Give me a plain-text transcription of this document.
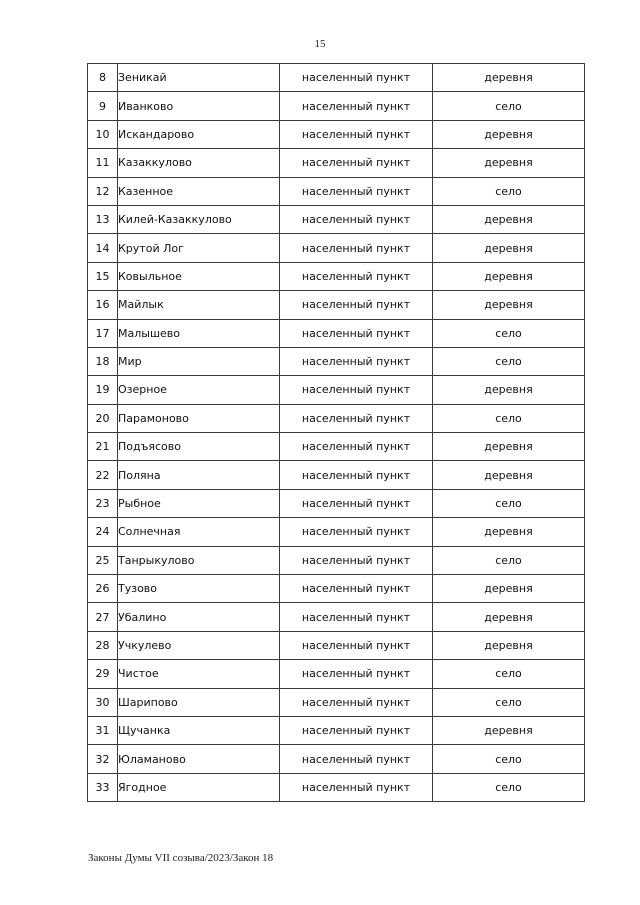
15
8	Зеникай	населенный пункт	деревня
9	Иванково	населенный пункт	село
10	Искандарово	населенный пункт	деревня
11	Казаккулово	населенный пункт	деревня
12	Казенное	населенный пункт	село
13	Килей-Казаккулово	населенный пункт	деревня
14	Крутой Лог	населенный пункт	деревня
15	Ковыльное	населенный пункт	деревня
16	Майлык	населенный пункт	деревня
17	Малышево	населенный пункт	село
18	Мир	населенный пункт	село
19	Озерное	населенный пункт	деревня
20	Парамоново	населенный пункт	село
21	Подъясово	населенный пункт	деревня
22	Поляна	населенный пункт	деревня
23	Рыбное	населенный пункт	село
24	Солнечная	населенный пункт	деревня
25	Танрыкулово	населенный пункт	село
26	Тузово	населенный пункт	деревня
27	Убалино	населенный пункт	деревня
28	Учкулево	населенный пункт	деревня
29	Чистое	населенный пункт	село
30	Шарипово	населенный пункт	село
31	Щучанка	населенный пункт	деревня
32	Юламаново	населенный пункт	село
33	Ягодное	населенный пункт	село
Законы Думы VII созыва/2023/Закон 18
